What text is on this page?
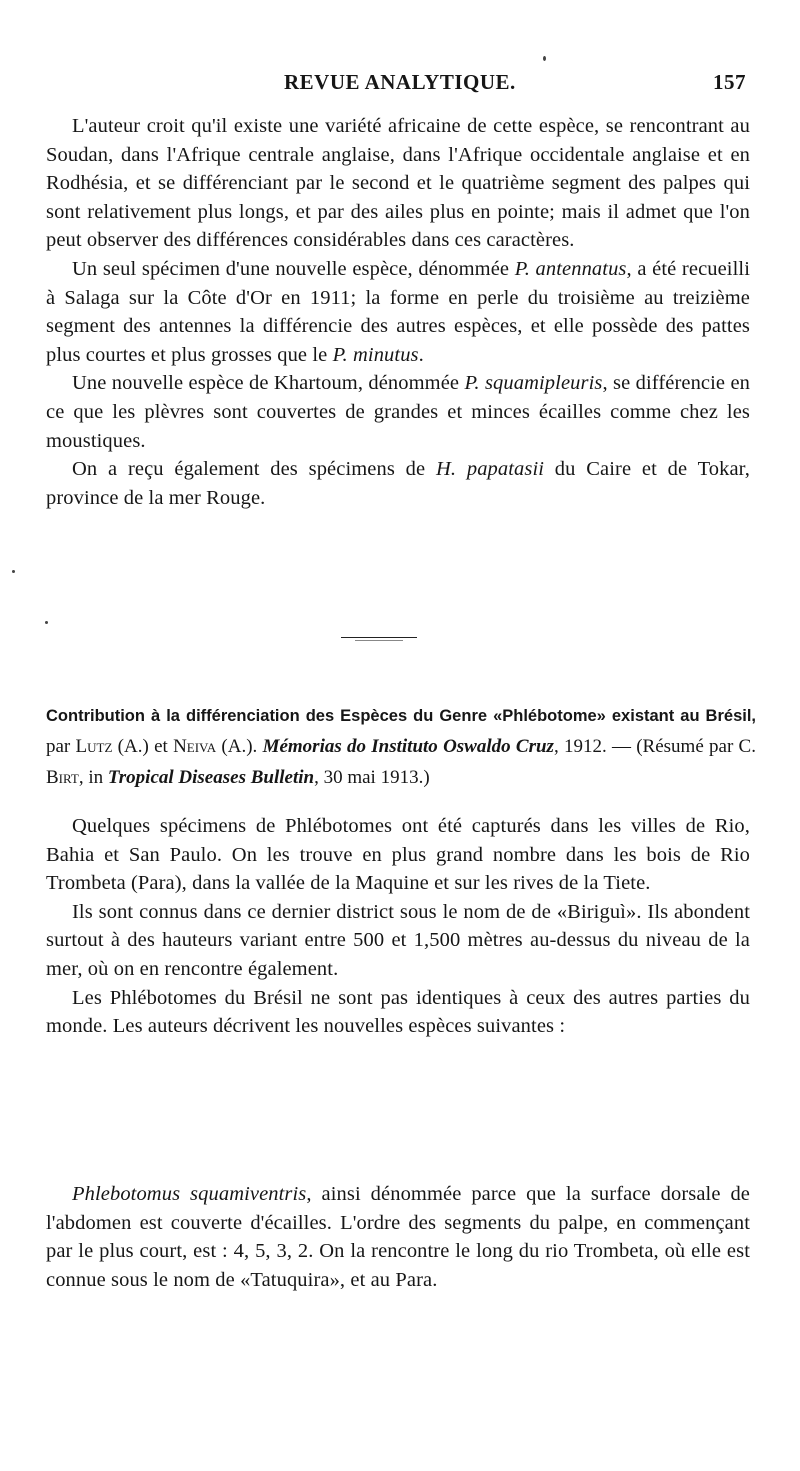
REVUE ANALYTIQUE.	157

L'auteur croit qu'il existe une variété africaine de cette espèce, se rencontrant au Soudan, dans l'Afrique centrale anglaise, dans l'Afrique occidentale anglaise et en Rodhésia, et se différenciant par le second et le quatrième segment des palpes qui sont relativement plus longs, et par des ailes plus en pointe; mais il admet que l'on peut observer des différences considérables dans ces caractères.

Un seul spécimen d'une nouvelle espèce, dénommée P. antennatus, a été recueilli à Salaga sur la Côte d'Or en 1911; la forme en perle du troisième au treizième segment des antennes la différencie des autres espèces, et elle possède des pattes plus courtes et plus grosses que le P. minutus.

Une nouvelle espèce de Khartoum, dénommée P. squamipleuris, se différencie en ce que les plèvres sont couvertes de grandes et minces écailles comme chez les moustiques.

On a reçu également des spécimens de H. papatasii du Caire et de Tokar, province de la mer Rouge.

Contribution à la différenciation des Espèces du Genre «Phlébotome» existant au Brésil, par Lutz (A.) et Neiva (A.). Mémorias do Instituto Oswaldo Cruz, 1912. — (Résumé par C. Birt, in Tropical Diseases Bulletin, 30 mai 1913.)

Quelques spécimens de Phlébotomes ont été capturés dans les villes de Rio, Bahia et San Paulo. On les trouve en plus grand nombre dans les bois de Rio Trombeta (Para), dans la vallée de la Maquine et sur les rives de la Tiete.

Ils sont connus dans ce dernier district sous le nom de de «Biriguì». Ils abondent surtout à des hauteurs variant entre 500 et 1,500 mètres au-dessus du niveau de la mer, où on en rencontre également.

Les Phlébotomes du Brésil ne sont pas identiques à ceux des autres parties du monde. Les auteurs décrivent les nouvelles espèces suivantes :

Phlebotomus squamiventris, ainsi dénommée parce que la surface dorsale de l'abdomen est couverte d'écailles. L'ordre des segments du palpe, en commençant par le plus court, est : 4, 5, 3, 2. On la rencontre le long du rio Trombeta, où elle est connue sous le nom de «Tatuquira», et au Para.
